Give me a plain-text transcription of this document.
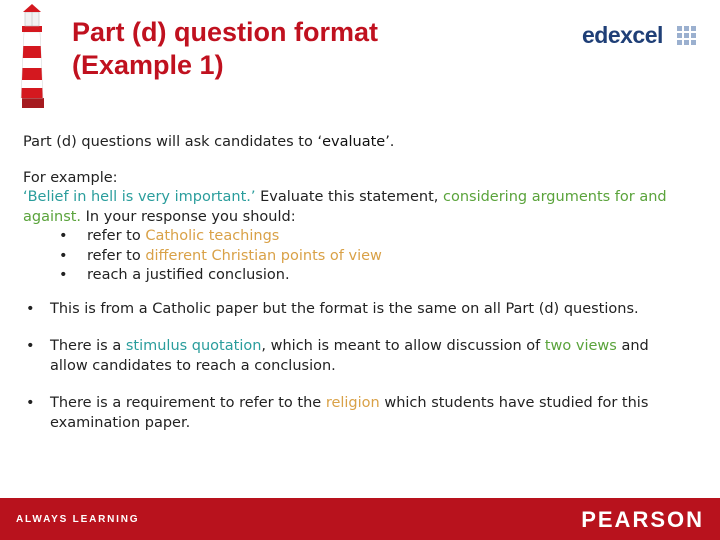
Part (d) question format
(Example 1)
edexcel

Part (d) questions will ask candidates to ‘evaluate’.

For example:
‘Belief in hell is very important.’ Evaluate this statement, considering arguments for and against. In your response you should:
• refer to Catholic teachings
• refer to different Christian points of view
• reach a justified conclusion.
• This is from a Catholic paper but the format is the same on all Part (d) questions.
• There is a stimulus quotation, which is meant to allow discussion of two views and allow candidates to reach a conclusion.
• There is a requirement to refer to the religion which students have studied for this examination paper.
ALWAYS LEARNING	PEARSON
